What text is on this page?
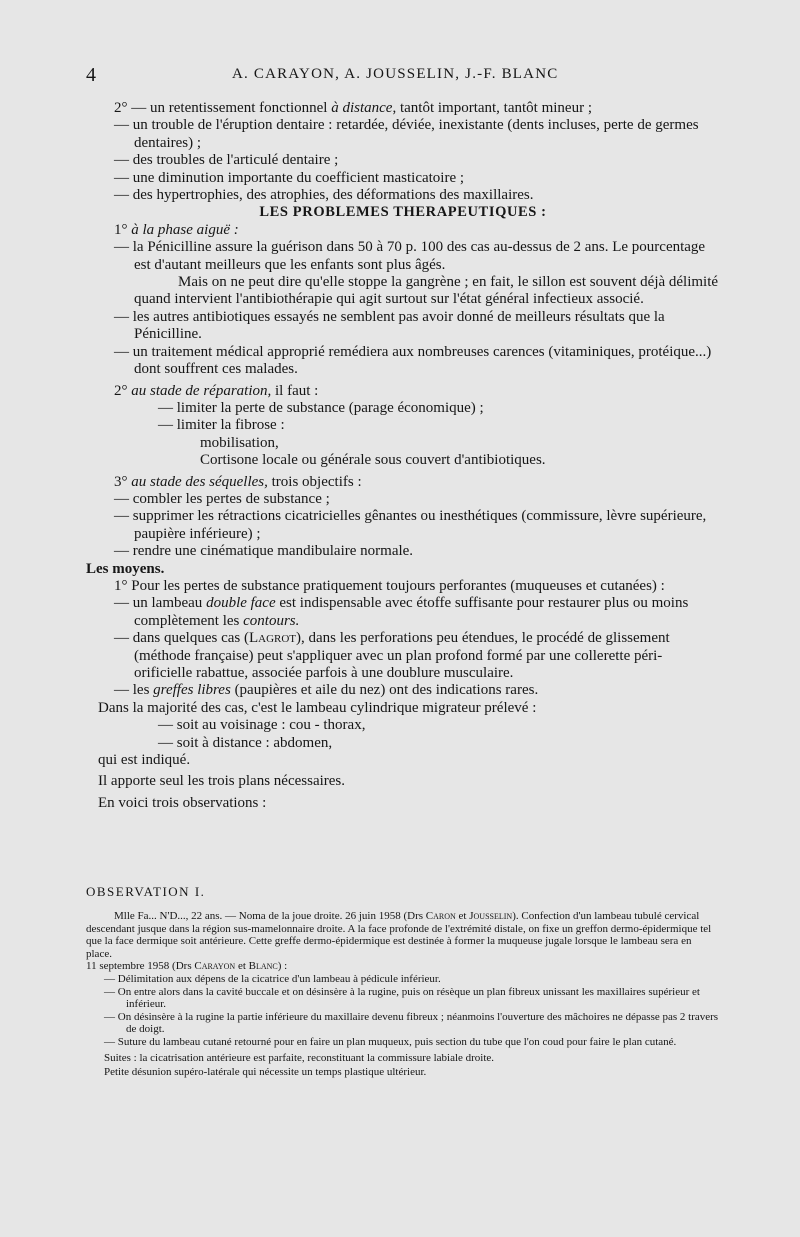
4	A. CARAYON, A. JOUSSELIN, J.-F. BLANC

2° — un retentissement fonctionnel à distance, tantôt important, tantôt mineur ;

— un trouble de l'éruption dentaire : retardée, déviée, inexistante (dents incluses, perte de germes dentaires) ;

— des troubles de l'articulé dentaire ;

— une diminution importante du coefficient masticatoire ;

— des hypertrophies, des atrophies, des déformations des maxillaires.

LES PROBLEMES THERAPEUTIQUES :

1° à la phase aiguë :

— la Pénicilline assure la guérison dans 50 à 70 p. 100 des cas au-dessus de 2 ans. Le pourcentage est d'autant meilleurs que les enfants sont plus âgés.

Mais on ne peut dire qu'elle stoppe la gangrène ; en fait, le sillon est souvent déjà délimité quand intervient l'antibiothérapie qui agit surtout sur l'état général infectieux associé.

— les autres antibiotiques essayés ne semblent pas avoir donné de meilleurs résultats que la Pénicilline.

— un traitement médical approprié remédiera aux nombreuses carences (vitaminiques, protéique...) dont souffrent ces malades.

2° au stade de réparation, il faut :

— limiter la perte de substance (parage économique) ;

— limiter la fibrose :

mobilisation,

Cortisone locale ou générale sous couvert d'antibiotiques.

3° au stade des séquelles, trois objectifs :

— combler les pertes de substance ;

— supprimer les rétractions cicatricielles gênantes ou inesthétiques (commissure, lèvre supérieure, paupière inférieure) ;

— rendre une cinématique mandibulaire normale.

Les moyens.

1° Pour les pertes de substance pratiquement toujours perforantes (muqueuses et cutanées) :

— un lambeau double face est indispensable avec étoffe suffisante pour restaurer plus ou moins complètement les contours.

— dans quelques cas (Lagrot), dans les perforations peu étendues, le procédé de glissement (méthode française) peut s'appliquer avec un plan profond formé par une collerette péri-orificielle rabattue, associée parfois à une doublure musculaire.

— les greffes libres (paupières et aile du nez) ont des indications rares.

Dans la majorité des cas, c'est le lambeau cylindrique migrateur prélevé :

— soit au voisinage : cou - thorax,

— soit à distance : abdomen,

qui est indiqué.

Il apporte seul les trois plans nécessaires.

En voici trois observations :

OBSERVATION I.

Mlle Fa... N'D..., 22 ans. — Noma de la joue droite. 26 juin 1958 (Drs Caron et Jousselin). Confection d'un lambeau tubulé cervical descendant jusque dans la région sus-mamelonnaire droite. A la face profonde de l'extrémité distale, on fixe un greffon dermo-épidermique tel que la face dermique soit antérieure. Cette greffe dermo-épidermique est destinée à former la muqueuse jugale lorsque le lambeau sera en place.

11 septembre 1958 (Drs Carayon et Blanc) :

— Délimitation aux dépens de la cicatrice d'un lambeau à pédicule inférieur.

— On entre alors dans la cavité buccale et on désinsère à la rugine, puis on résèque un plan fibreux unissant les maxillaires supérieur et inférieur.

— On désinsère à la rugine la partie inférieure du maxillaire devenu fibreux ; néanmoins l'ouverture des mâchoires ne dépasse pas 2 travers de doigt.

— Suture du lambeau cutané retourné pour en faire un plan muqueux, puis section du tube que l'on coud pour faire le plan cutané.

Suites : la cicatrisation antérieure est parfaite, reconstituant la commissure labiale droite.

Petite désunion supéro-latérale qui nécessite un temps plastique ultérieur.
